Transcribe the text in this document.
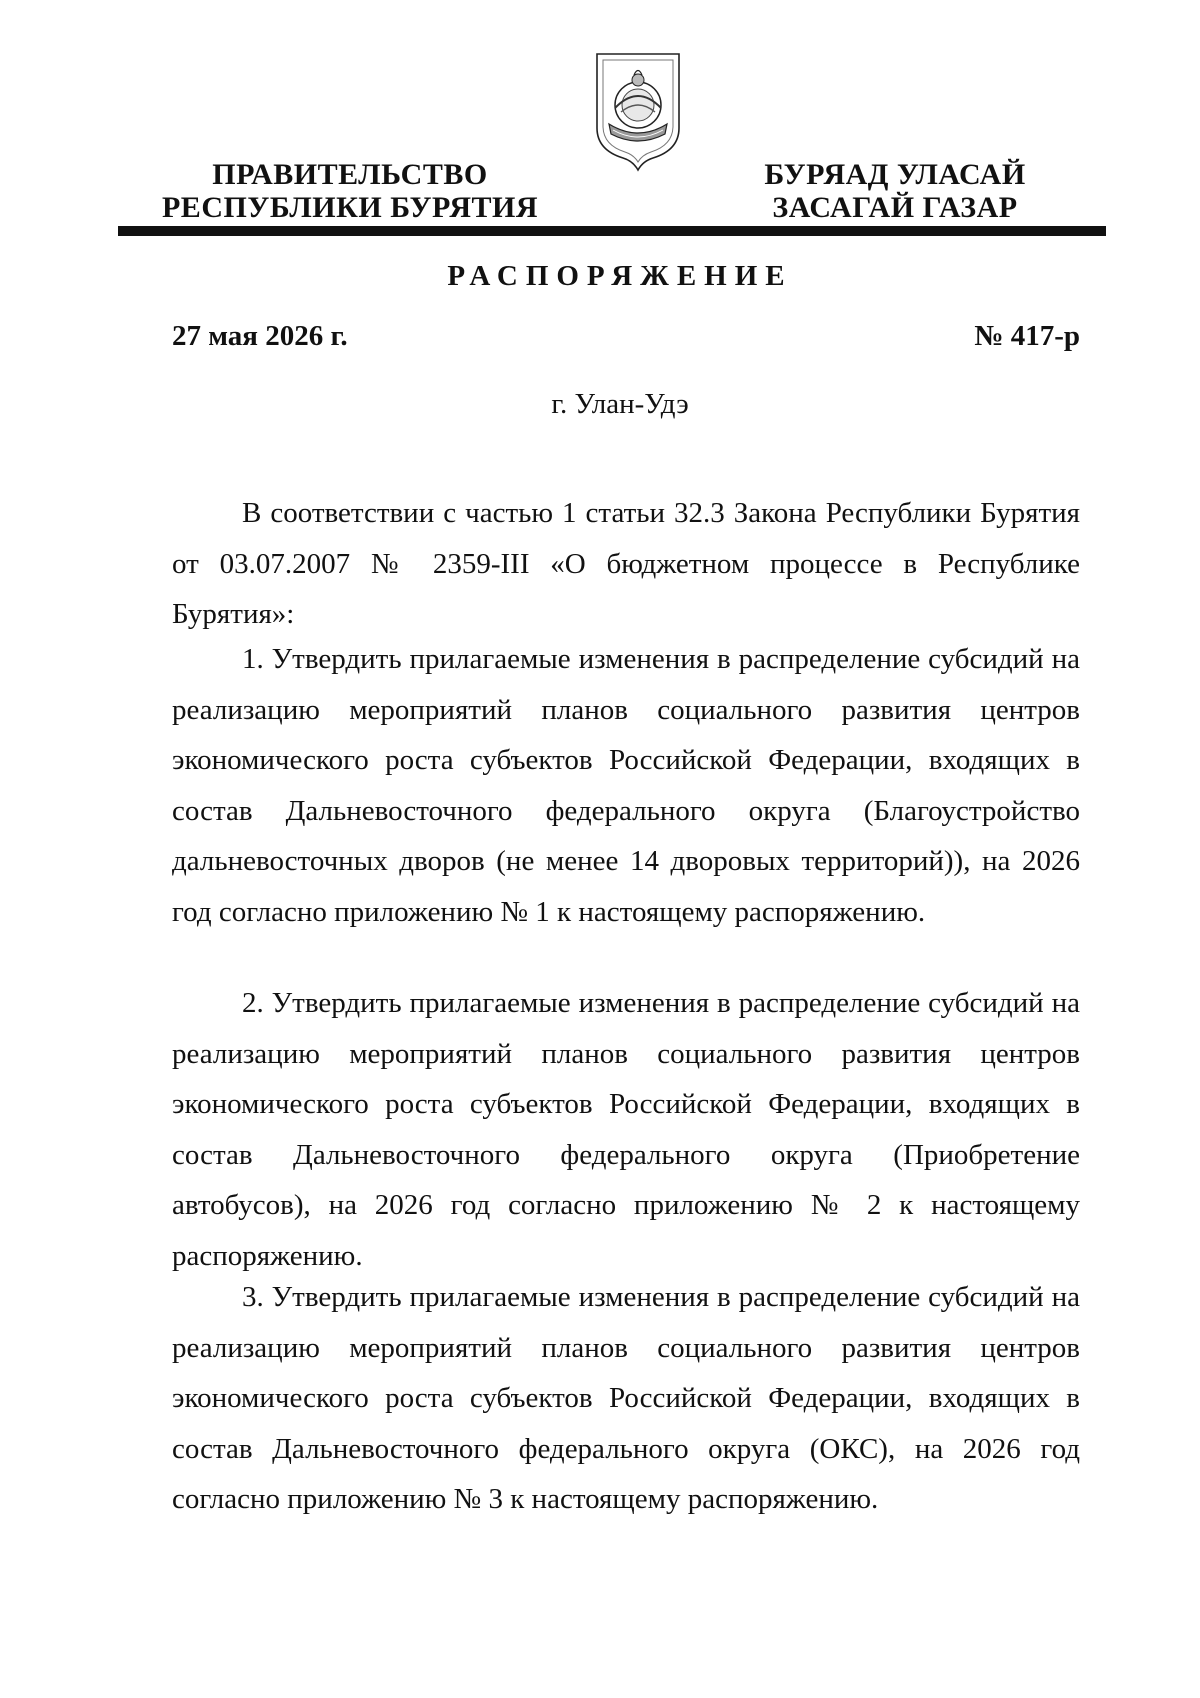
ПРАВИТЕЛЬСТВО
РЕСПУБЛИКИ БУРЯТИЯ
БУРЯАД УЛАСАЙ
ЗАСАГАЙ ГАЗАР
РАСПОРЯЖЕНИЕ
27 мая 2026 г.	№ 417-р
г. Улан-Удэ

В соответствии с частью 1 статьи 32.3 Закона Республики Бурятия от 03.07.2007 № 2359-III «О бюджетном процессе в Республике Бурятия»:

1. Утвердить прилагаемые изменения в распределение субсидий на реализацию мероприятий планов социального развития центров экономического роста субъектов Российской Федерации, входящих в состав Дальневосточного федерального округа (Благоустройство дальневосточных дворов (не менее 14 дворовых территорий)), на 2026 год согласно приложению № 1 к настоящему распоряжению.

2. Утвердить прилагаемые изменения в распределение субсидий на реализацию мероприятий планов социального развития центров экономического роста субъектов Российской Федерации, входящих в состав Дальневосточного федерального округа (Приобретение автобусов), на 2026 год согласно приложению № 2 к настоящему распоряжению.

3. Утвердить прилагаемые изменения в распределение субсидий на реализацию мероприятий планов социального развития центров экономического роста субъектов Российской Федерации, входящих в состав Дальневосточного федерального округа (ОКС), на 2026 год согласно приложению № 3 к настоящему распоряжению.
